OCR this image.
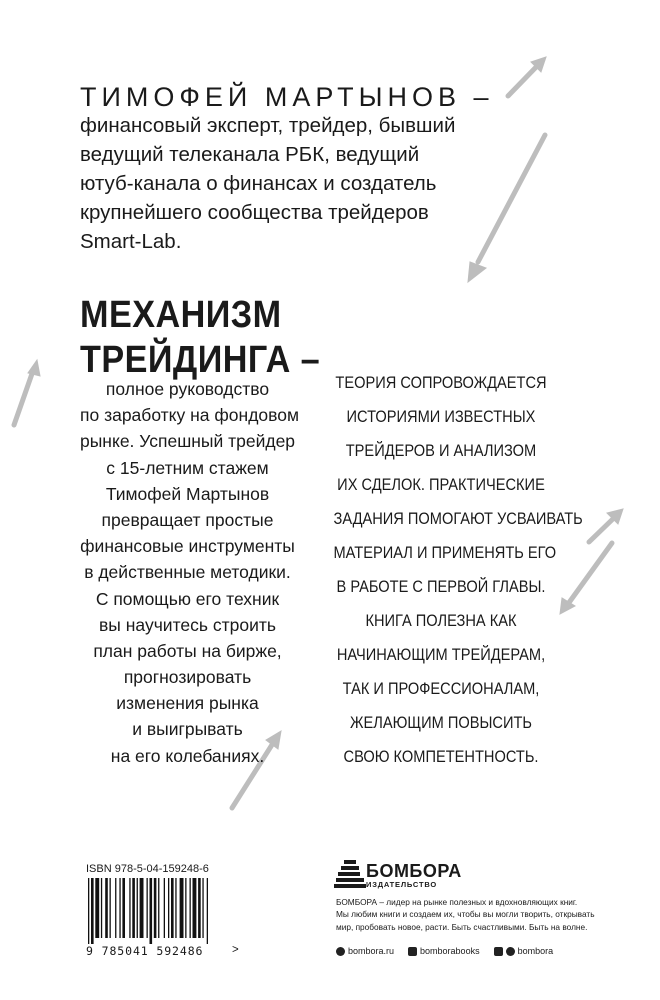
ТИМОФЕЙ МАРТЫНОВ –
финансовый эксперт, трейдер, бывший
ведущий телеканала РБК, ведущий
ютуб-канала о финансах и создатель
крупнейшего сообщества трейдеров
Smart-Lab.
МЕХАНИЗМ
ТРЕЙДИНГА –
полное руководство
по заработку на фондовом
рынке. Успешный трейдер
с 15-летним стажем
Тимофей Мартынов
превращает простые
финансовые инструменты
в действенные методики.
С помощью его техник
вы научитесь строить
план работы на бирже,
прогнозировать
изменения рынка
и выигрывать
на его колебаниях.
ТЕОРИЯ СОПРОВОЖДАЕТСЯ
ИСТОРИЯМИ ИЗВЕСТНЫХ
ТРЕЙДЕРОВ И АНАЛИЗОМ
ИХ СДЕЛОК. ПРАКТИЧЕСКИЕ
ЗАДАНИЯ ПОМОГАЮТ УСВАИВАТЬ
МАТЕРИАЛ И ПРИМЕНЯТЬ ЕГО
В РАБОТЕ С ПЕРВОЙ ГЛАВЫ.
КНИГА ПОЛЕЗНА КАК
НАЧИНАЮЩИМ ТРЕЙДЕРАМ,
ТАК И ПРОФЕССИОНАЛАМ,
ЖЕЛАЮЩИМ ПОВЫСИТЬ
СВОЮ КОМПЕТЕНТНОСТЬ.
ISBN 978-5-04-159248-6
9 785041 592486 >
БОМБОРА
ИЗДАТЕЛЬСТВО
БОМБОРА – лидер на рынке полезных и вдохновляющих книг.
Мы любим книги и создаем их, чтобы вы могли творить, открывать
мир, пробовать новое, расти. Быть счастливыми. Быть на волне.
bombora.ru	bomborabooks	bombora
